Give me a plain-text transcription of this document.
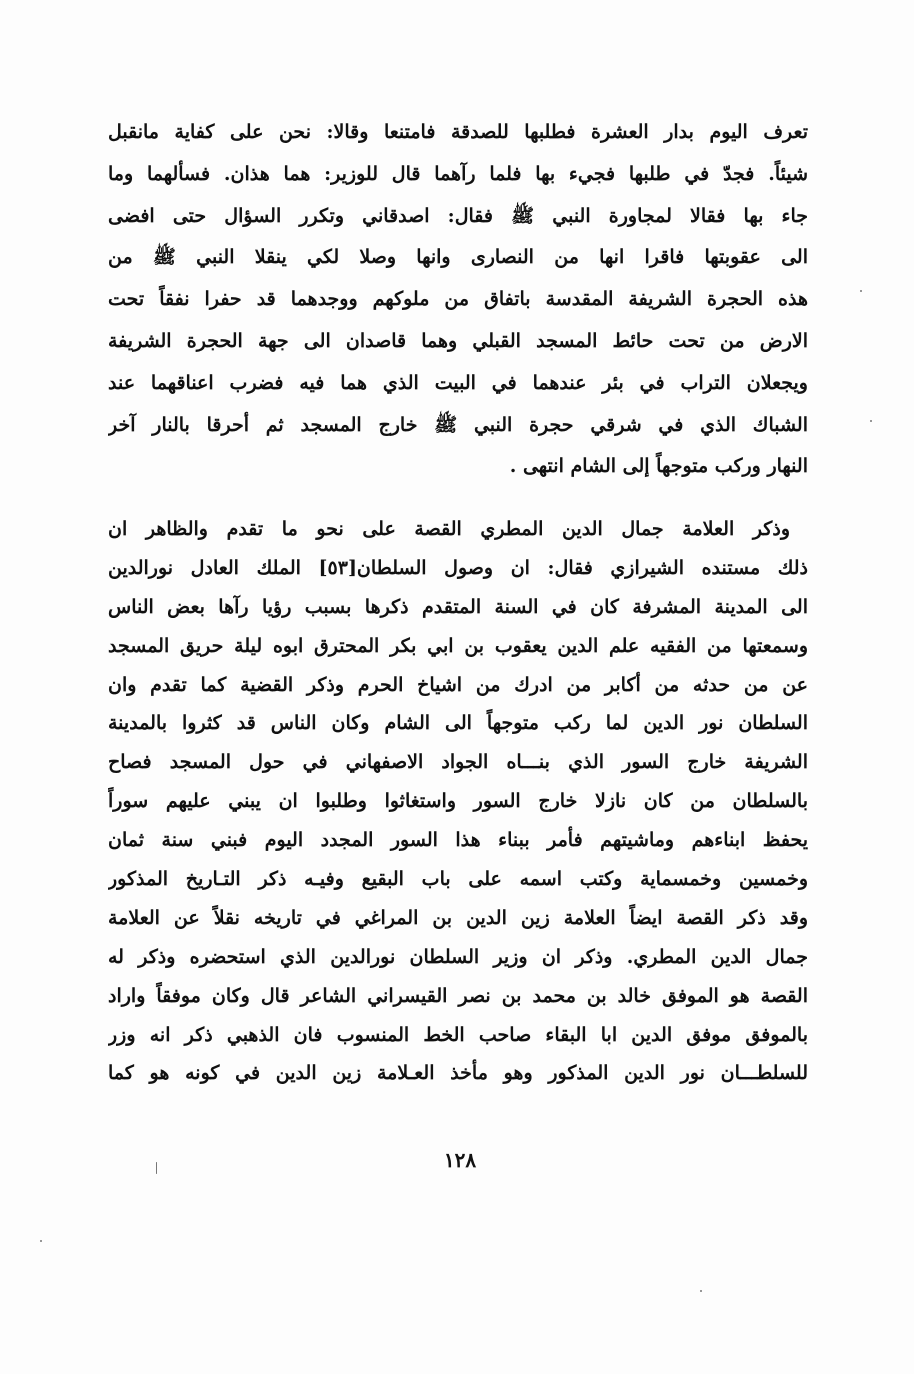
تعرف اليوم بدار العشرة فطلبها للصدقة فامتنعا وقالا: نحن على كفاية مانقبل
شيئاً. فجدّ في طلبها فجيء بها فلما رآهما قال للوزير: هما هذان. فسألهما وما
جاء بها فقالا لمجاورة النبي ﷺ فقال: اصدقاني وتكرر السؤال حتى افضى
الى عقوبتها فاقرا انها من النصارى وانها وصلا لكي ينقلا النبي ﷺ من
هذه الحجرة الشريفة المقدسة باتفاق من ملوكهم ووجدهما قد حفرا نفقاً تحت
الارض من تحت حائط المسجد القبلي وهما قاصدان الى جهة الحجرة الشريفة
ويجعلان التراب في بئر عندهما في البيت الذي هما فيه فضرب اعناقهما عند
الشباك الذي في شرقي حجرة النبي ﷺ خارج المسجد ثم أحرقا بالنار آخر
النهار وركب متوجهاً إلى الشام انتهى .
وذكر العلامة جمال الدين المطري القصة على نحو ما تقدم والظاهر ان
ذلك مستنده الشيرازي فقال: ان وصول السلطان[٥٣] الملك العادل نورالدين
الى المدينة المشرفة كان في السنة المتقدم ذكرها بسبب رؤيا رآها بعض الناس
وسمعتها من الفقيه علم الدين يعقوب بن ابي بكر المحترق ابوه ليلة حريق المسجد
عن من حدثه من أكابر من ادرك من اشياخ الحرم وذكر القضية كما تقدم وان
السلطان نور الدين لما ركب متوجهاً الى الشام وكان الناس قد كثروا بالمدينة
الشريفة خارج السور الذي بنـــاه الجواد الاصفهاني في حول المسجد فصاح
بالسلطان من كان نازلا خارج السور واستغاثوا وطلبوا ان يبني عليهم سوراً
يحفظ ابناءهم وماشيتهم فأمر ببناء هذا السور المجدد اليوم فبني سنة ثمان
وخمسين وخمسماية وكتب اسمه على باب البقيع وفيـه ذكر التـاريخ المذكور
وقد ذكر القصة ايضاً العلامة زين الدين بن المراغي في تاريخه نقلاً عن العلامة
جمال الدين المطري. وذكر ان وزير السلطان نورالدين الذي استحضره وذكر له
القصة هو الموفق خالد بن محمد بن نصر القيسراني الشاعر قال وكان موفقاً واراد
بالموفق موفق الدين ابا البقاء صاحب الخط المنسوب فان الذهبي ذكر انه وزر
للسلطـــان نور الدين المذكور وهو مأخذ العـلامة زين الدين في كونه هو كما
١٢٨
